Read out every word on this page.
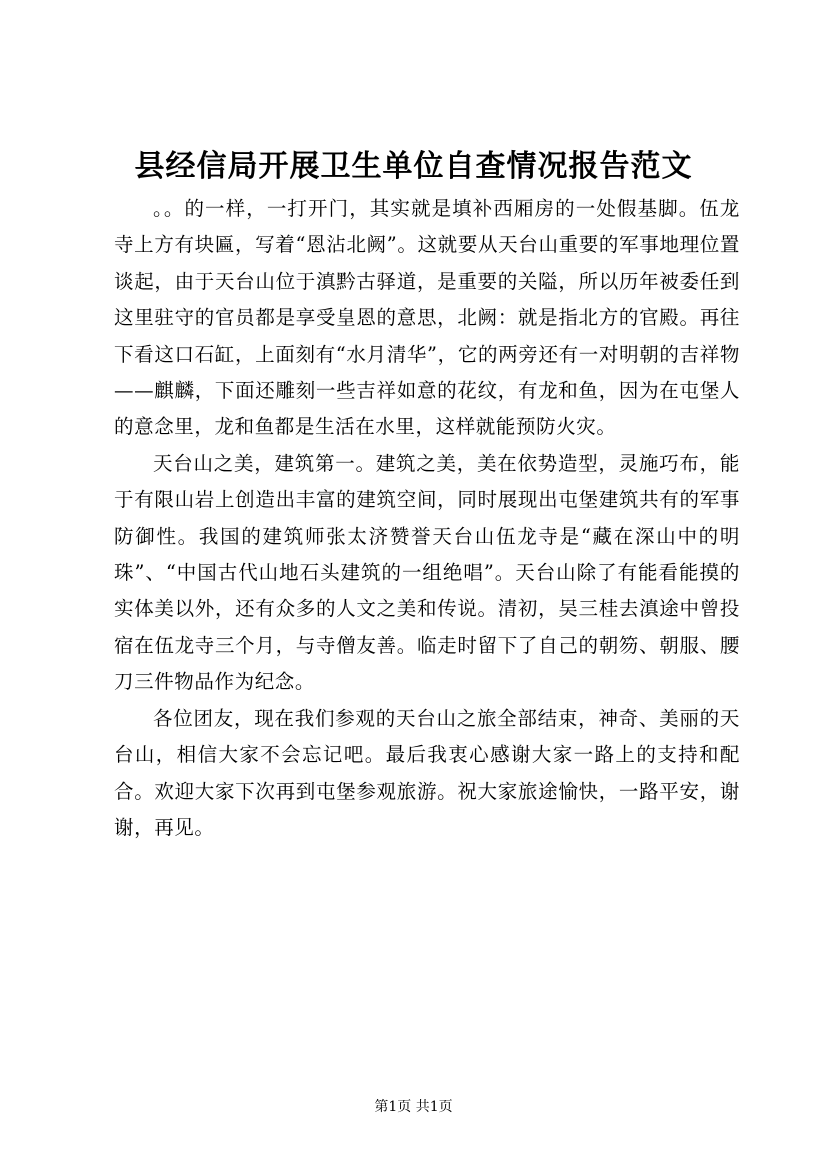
县经信局开展卫生单位自查情况报告范文

。。的一样，一打开门，其实就是填补西厢房的一处假基脚。伍龙寺上方有块匾，写着“恩沾北阙”。这就要从天台山重要的军事地理位置谈起，由于天台山位于滇黔古驿道，是重要的关隘，所以历年被委任到这里驻守的官员都是享受皇恩的意思，北阙：就是指北方的官殿。再往下看这口石缸，上面刻有“水月清华”，它的两旁还有一对明朝的吉祥物——麒麟，下面还雕刻一些吉祥如意的花纹，有龙和鱼，因为在屯堡人的意念里，龙和鱼都是生活在水里，这样就能预防火灾。

天台山之美，建筑第一。建筑之美，美在依势造型，灵施巧布，能于有限山岩上创造出丰富的建筑空间，同时展现出屯堡建筑共有的军事防御性。我国的建筑师张太济赞誉天台山伍龙寺是“藏在深山中的明珠”、“中国古代山地石头建筑的一组绝唱”。天台山除了有能看能摸的实体美以外，还有众多的人文之美和传说。清初，吴三桂去滇途中曾投宿在伍龙寺三个月，与寺僧友善。临走时留下了自己的朝笏、朝服、腰刀三件物品作为纪念。

各位团友，现在我们参观的天台山之旅全部结束，神奇、美丽的天台山，相信大家不会忘记吧。最后我衷心感谢大家一路上的支持和配合。欢迎大家下次再到屯堡参观旅游。祝大家旅途愉快，一路平安，谢谢，再见。

第1页 共1页
